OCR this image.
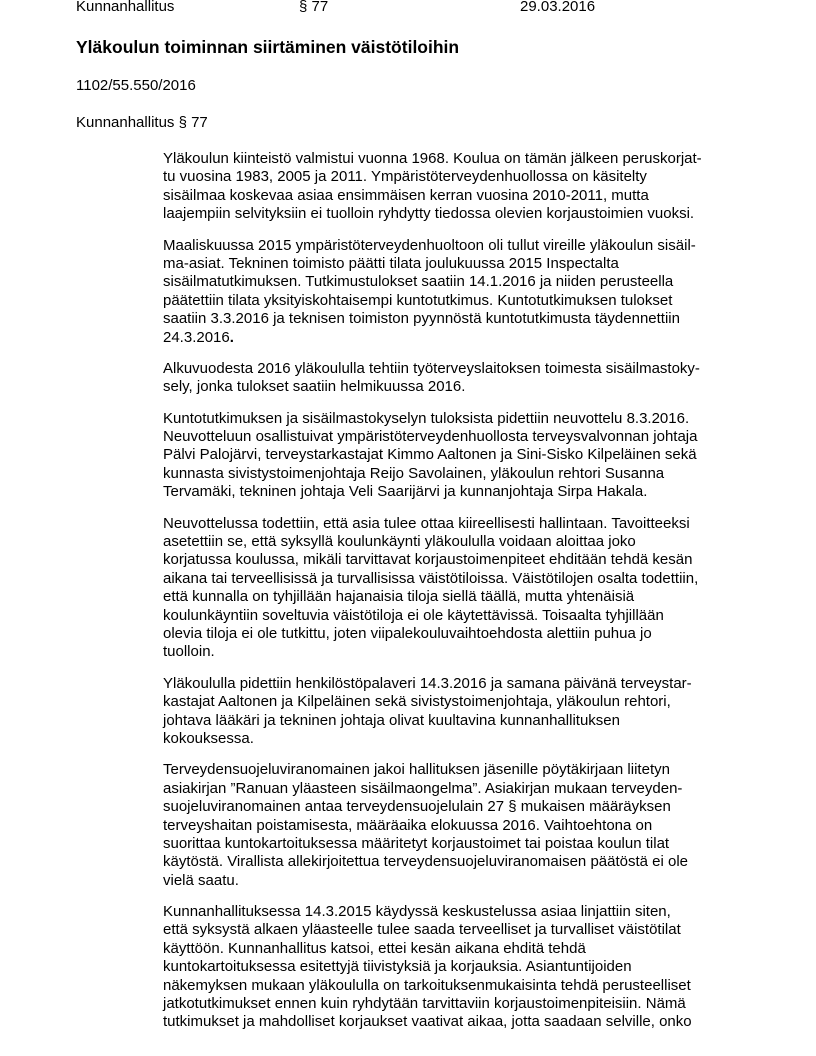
Kunnanhallitus	§ 77	29.03.2016
Yläkoulun toiminnan siirtäminen väistötiloihin
1102/55.550/2016
Kunnanhallitus § 77
Yläkoulun kiinteistö valmistui vuonna 1968. Koulua on tämän jälkeen peruskorjat-
tu vuosina 1983, 2005 ja 2011. Ympäristöterveydenhuollossa on käsitelty
sisäilmaa koskevaa asiaa ensimmäisen kerran vuosina 2010-2011, mutta
laajempiin selvityksiin ei tuolloin ryhdytty tiedossa olevien korjaustoimien vuoksi.
Maaliskuussa 2015 ympäristöterveydenhuoltoon oli tullut vireille yläkoulun sisäil-
ma-asiat. Tekninen toimisto päätti tilata joulukuussa 2015 Inspectalta
sisäilmatutkimuksen. Tutkimustulokset saatiin 14.1.2016 ja niiden perusteella
päätettiin tilata yksityiskohtaisempi kuntotutkimus. Kuntotutkimuksen tulokset
saatiin 3.3.2016 ja teknisen toimiston pyynnöstä kuntotutkimusta täydennettiin
24.3.2016.
Alkuvuodesta 2016 yläkoululla tehtiin työterveyslaitoksen toimesta sisäilmastoky-
sely, jonka tulokset saatiin helmikuussa 2016.
Kuntotutkimuksen ja sisäilmastokyselyn tuloksista pidettiin neuvottelu 8.3.2016.
Neuvotteluun osallistuivat ympäristöterveydenhuollosta terveysvalvonnan johtaja
Pälvi Palojärvi, terveystarkastajat Kimmo Aaltonen ja Sini-Sisko Kilpeläinen sekä
kunnasta sivistystoimenjohtaja Reijo Savolainen, yläkoulun rehtori Susanna
Tervamäki, tekninen johtaja Veli Saarijärvi ja kunnanjohtaja Sirpa Hakala.
Neuvottelussa todettiin, että asia tulee ottaa kiireellisesti hallintaan. Tavoitteeksi
asetettiin se, että syksyllä koulunkäynti yläkoululla voidaan aloittaa joko
korjatussa koulussa, mikäli tarvittavat korjaustoimenpiteet ehditään tehdä kesän
aikana tai terveellisissä ja turvallisissa väistötiloissa. Väistötilojen osalta todettiin,
että kunnalla on tyhjillään hajanaisia tiloja siellä täällä, mutta yhtenäisiä
koulunkäyntiin soveltuvia väistötiloja ei ole käytettävissä. Toisaalta tyhjillään
olevia tiloja ei ole tutkittu, joten viipalekouluvaihtoehdosta alettiin puhua jo
tuolloin.
Yläkoululla pidettiin henkilöstöpalaveri 14.3.2016 ja samana päivänä terveystar-
kastajat Aaltonen ja Kilpeläinen sekä sivistystoimenjohtaja, yläkoulun rehtori,
johtava lääkäri ja tekninen johtaja olivat kuultavina kunnanhallituksen
kokouksessa.
Terveydensuojeluviranomainen jakoi hallituksen jäsenille pöytäkirjaan liitetyn
asiakirjan ”Ranuan yläasteen sisäilmaongelma”. Asiakirjan mukaan terveyden-
suojeluviranomainen antaa terveydensuojelulain 27 § mukaisen määräyksen
terveyshaitan poistamisesta, määräaika elokuussa 2016. Vaihtoehtona on
suorittaa kuntokartoituksessa määritetyt korjaustoimet tai poistaa koulun tilat
käytöstä. Virallista allekirjoitettua terveydensuojeluviranomaisen päätöstä ei ole
vielä saatu.
Kunnanhallituksessa 14.3.2015 käydyssä keskustelussa asiaa linjattiin siten,
että syksystä alkaen yläasteelle tulee saada terveelliset ja turvalliset väistötilat
käyttöön. Kunnanhallitus katsoi, ettei kesän aikana ehditä tehdä
kuntokartoituksessa esitettyjä tiivistyksiä ja korjauksia. Asiantuntijoiden
näkemyksen mukaan yläkoululla on tarkoituksenmukaisinta tehdä perusteelliset
jatkotutkimukset ennen kuin ryhdytään tarvittaviin korjaustoimenpiteisiin. Nämä
tutkimukset ja mahdolliset korjaukset vaativat aikaa, jotta saadaan selville, onko
